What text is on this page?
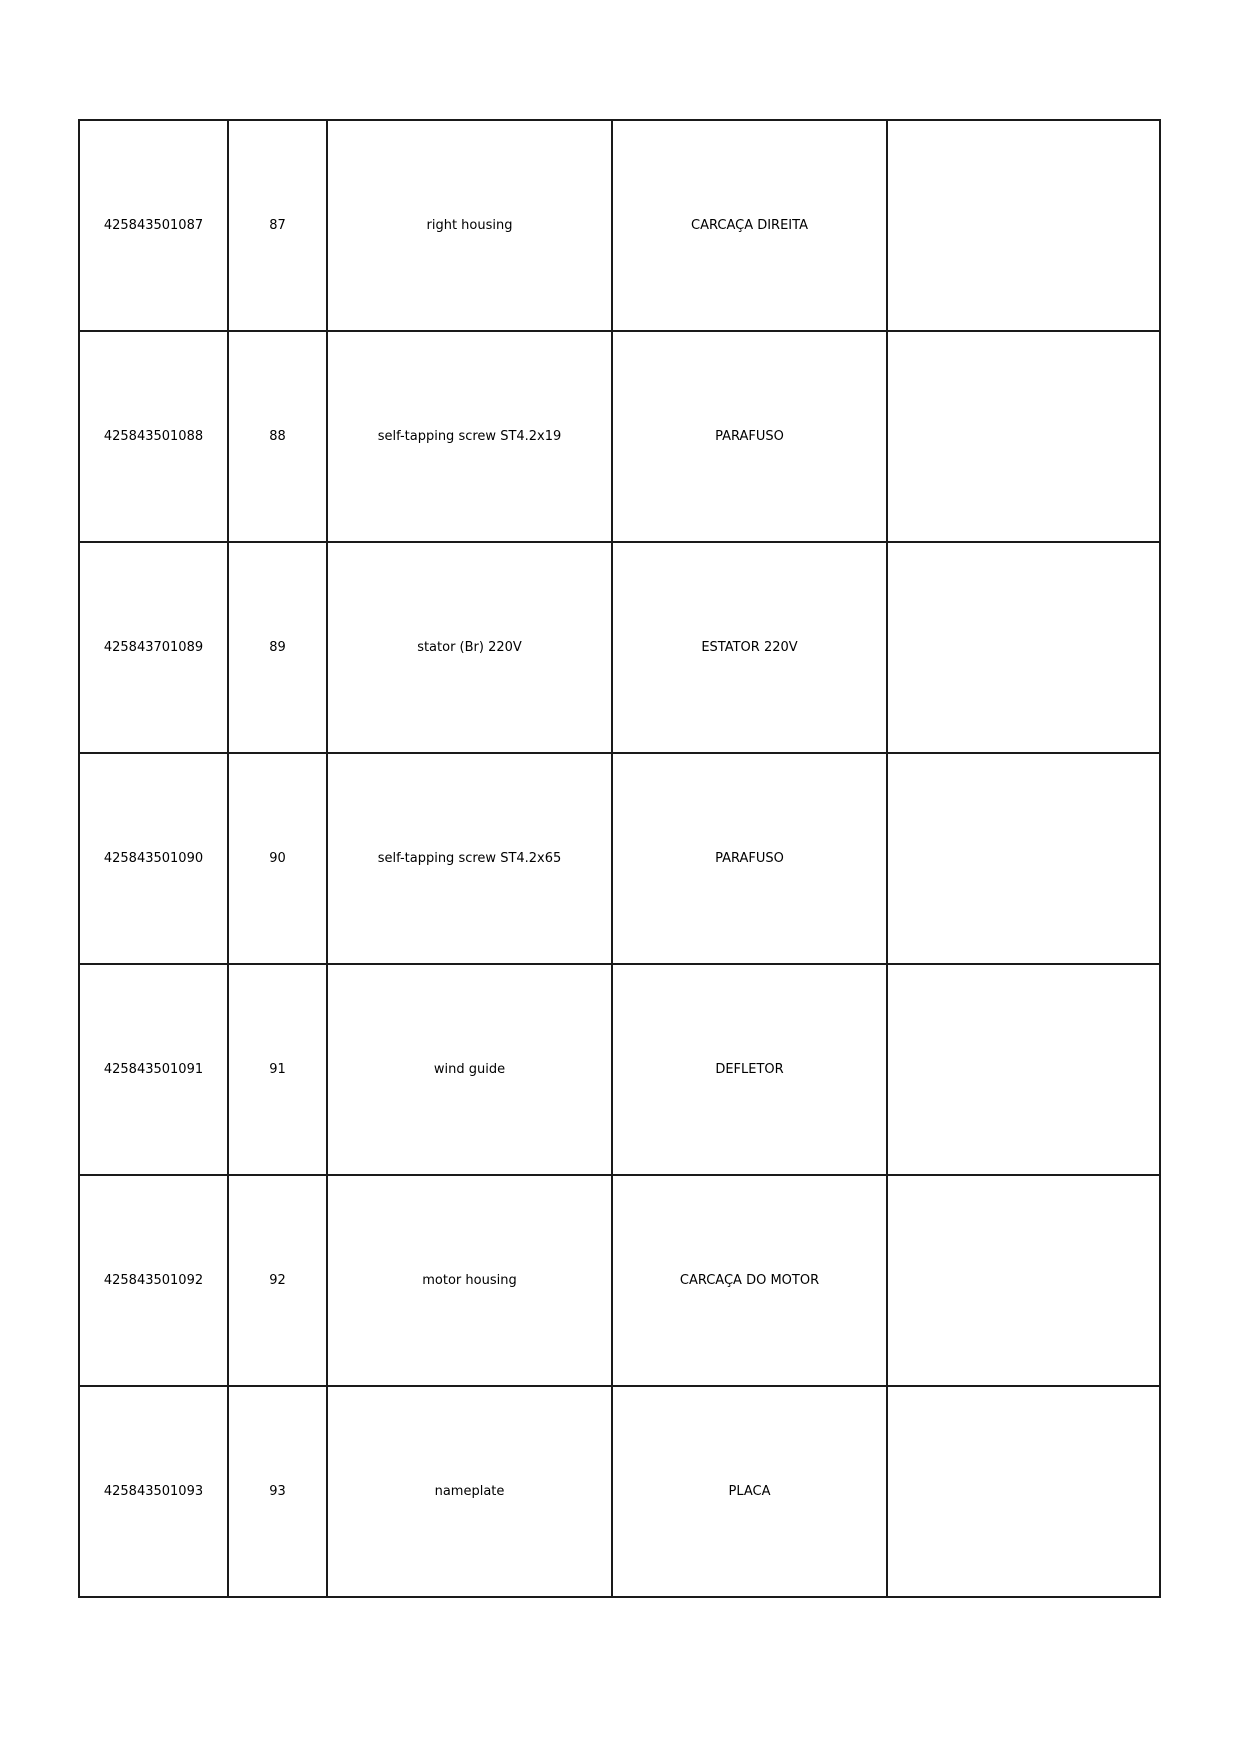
425843501087	87	right housing	CARCAÇA DIREITA	
425843501088	88	self-tapping screw ST4.2x19	PARAFUSO	
425843701089	89	stator (Br) 220V	ESTATOR 220V	
425843501090	90	self-tapping screw ST4.2x65	PARAFUSO	
425843501091	91	wind guide	DEFLETOR	
425843501092	92	motor housing	CARCAÇA DO MOTOR	
425843501093	93	nameplate	PLACA	
